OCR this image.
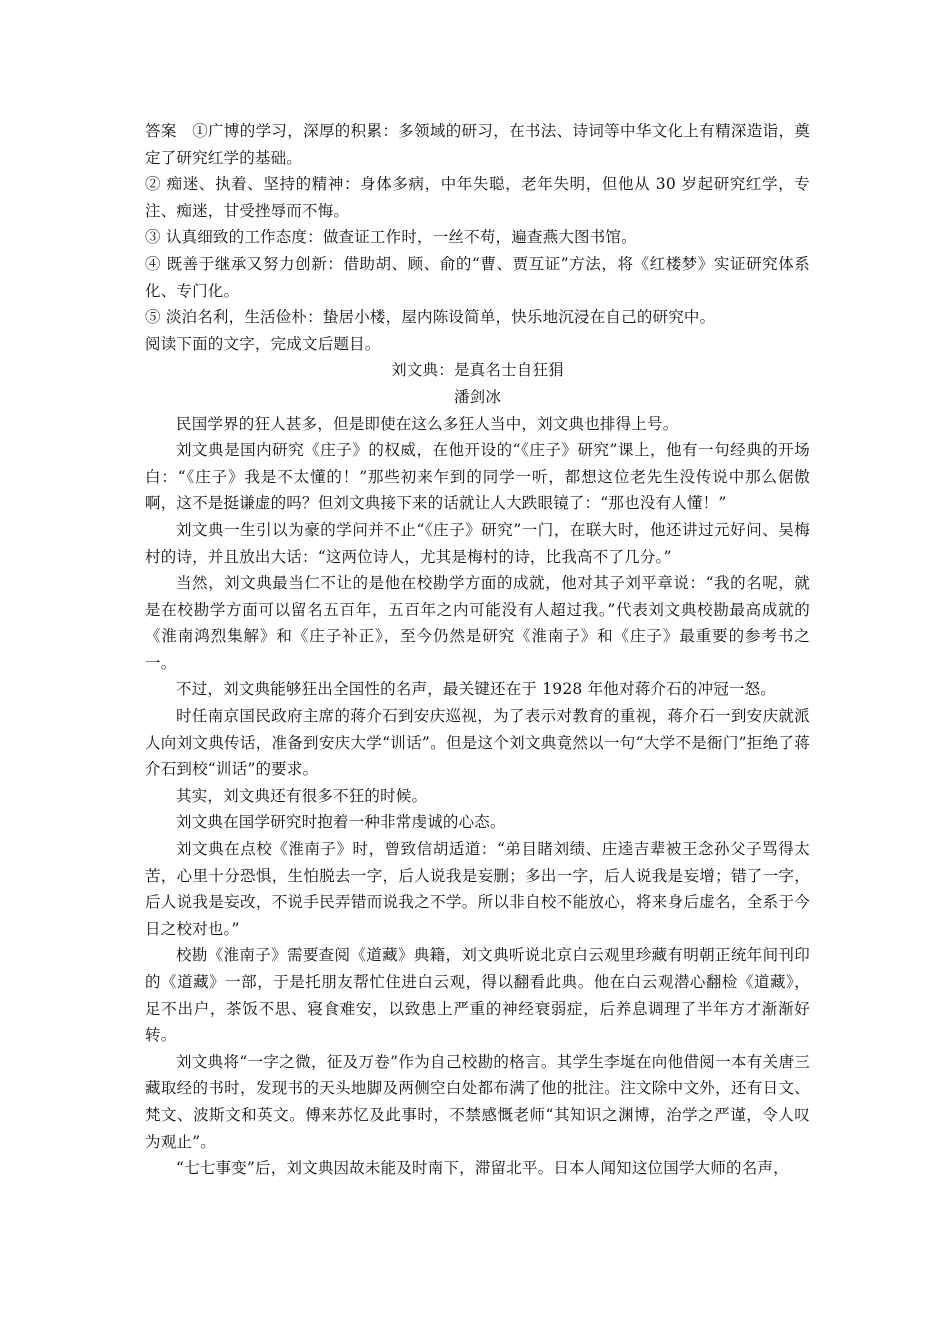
答案 ①广博的学习，深厚的积累：多领域的研习，在书法、诗词等中华文化上有精深造诣，奠定了研究红学的基础。

② 痴迷、执着、坚持的精神：身体多病，中年失聪，老年失明，但他从 30 岁起研究红学，专注、痴迷，甘受挫辱而不悔。

③ 认真细致的工作态度：做查证工作时，一丝不苟，遍查燕大图书馆。

④ 既善于继承又努力创新：借助胡、顾、俞的“曹、贾互证”方法，将《红楼梦》实证研究体系化、专门化。

⑤ 淡泊名利，生活俭朴：蛰居小楼，屋内陈设简单，快乐地沉浸在自己的研究中。

阅读下面的文字，完成文后题目。

刘文典：是真名士自狂狷

潘剑冰

民国学界的狂人甚多，但是即使在这么多狂人当中，刘文典也排得上号。

刘文典是国内研究《庄子》的权威，在他开设的“《庄子》研究”课上，他有一句经典的开场白：“《庄子》我是不太懂的！”那些初来乍到的同学一听，都想这位老先生没传说中那么倨傲啊，这不是挺谦虚的吗？但刘文典接下来的话就让人大跌眼镜了：“那也没有人懂！”

刘文典一生引以为豪的学问并不止“《庄子》研究”一门，在联大时，他还讲过元好问、吴梅村的诗，并且放出大话：“这两位诗人，尤其是梅村的诗，比我高不了几分。”

当然，刘文典最当仁不让的是他在校勘学方面的成就，他对其子刘平章说：“我的名呢，就是在校勘学方面可以留名五百年，五百年之内可能没有人超过我。”代表刘文典校勘最高成就的《淮南鸿烈集解》和《庄子补正》，至今仍然是研究《淮南子》和《庄子》最重要的参考书之一。

不过，刘文典能够狂出全国性的名声，最关键还在于 1928 年他对蒋介石的冲冠一怒。

时任南京国民政府主席的蒋介石到安庆巡视，为了表示对教育的重视，蒋介石一到安庆就派人向刘文典传话，准备到安庆大学“训话”。但是这个刘文典竟然以一句“大学不是衙门”拒绝了蒋介石到校“训话”的要求。

其实，刘文典还有很多不狂的时候。

刘文典在国学研究时抱着一种非常虔诚的心态。

刘文典在点校《淮南子》时，曾致信胡适道：“弟目睹刘绩、庄逵吉辈被王念孙父子骂得太苦，心里十分恐惧，生怕脱去一字，后人说我是妄删；多出一字，后人说我是妄增；错了一字，后人说我是妄改，不说手民弄错而说我之不学。所以非自校不能放心，将来身后虚名，全系于今日之校对也。”

校勘《淮南子》需要查阅《道藏》典籍，刘文典听说北京白云观里珍藏有明朝正统年间刊印的《道藏》一部，于是托朋友帮忙住进白云观，得以翻看此典。他在白云观潜心翻检《道藏》，足不出户，茶饭不思、寝食难安，以致患上严重的神经衰弱症，后养息调理了半年方才渐渐好转。

刘文典将“一字之微，征及万卷”作为自己校勘的格言。其学生李埏在向他借阅一本有关唐三藏取经的书时，发现书的天头地脚及两侧空白处都布满了他的批注。注文除中文外，还有日文、梵文、波斯文和英文。傅来苏忆及此事时，不禁感慨老师“其知识之渊博，治学之严谨，令人叹为观止”。

“七七事变”后，刘文典因故未能及时南下，滞留北平。日本人闻知这位国学大师的名声，
